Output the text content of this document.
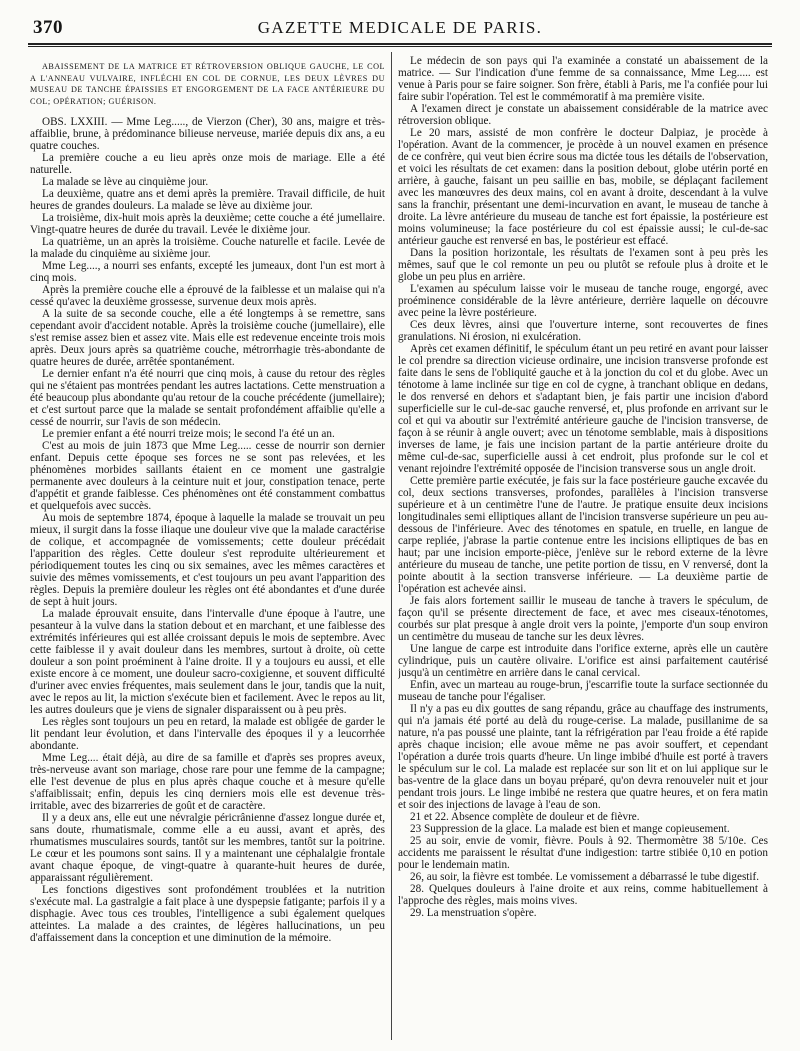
370	GAZETTE MEDICALE DE PARIS.

ABAISSEMENT DE LA MATRICE ET RÉTROVERSION OBLIQUE GAUCHE, LE COL A L'ANNEAU VULVAIRE, INFLÉCHI EN COL DE CORNUE, LES DEUX LÈVRES DU MUSEAU DE TANCHE ÉPAISSIES ET ENGORGEMENT DE LA FACE ANTÉRIEURE DU COL; OPÉRATION; GUÉRISON.

OBS. LXXIII. — Mme Leg....., de Vierzon (Cher), 30 ans, maigre et très-affaiblie, brune, à prédominance bilieuse nerveuse, mariée depuis dix ans, a eu quatre couches.

La première couche a eu lieu après onze mois de mariage. Elle a été naturelle.

La malade se lève au cinquième jour.

La deuxième, quatre ans et demi après la première. Travail difficile, de huit heures de grandes douleurs. La malade se lève au dixième jour.

La troisième, dix-huit mois après la deuxième; cette couche a été jumellaire. Vingt-quatre heures de durée du travail. Levée le dixième jour.

La quatrième, un an après la troisième. Couche naturelle et facile. Levée de la malade du cinquième au sixième jour.

Mme Leg...., a nourri ses enfants, excepté les jumeaux, dont l'un est mort à cinq mois.

Après la première couche elle a éprouvé de la faiblesse et un malaise qui n'a cessé qu'avec la deuxième grossesse, survenue deux mois après.

A la suite de sa seconde couche, elle a été longtemps à se remettre, sans cependant avoir d'accident notable. Après la troisième couche (jumellaire), elle s'est remise assez bien et assez vite. Mais elle est redevenue enceinte trois mois après. Deux jours après sa quatrième couche, métrorrhagie très-abondante de quatre heures de durée, arrêtée spontanément.

Le dernier enfant n'a été nourri que cinq mois, à cause du retour des règles qui ne s'étaient pas montrées pendant les autres lactations. Cette menstruation a été beaucoup plus abondante qu'au retour de la couche précédente (jumellaire); et c'est surtout parce que la malade se sentait profondément affaiblie qu'elle a cessé de nourrir, sur l'avis de son médecin.

Le premier enfant a été nourri treize mois; le second l'a été un an.

C'est au mois de juin 1873 que Mme Leg..... cesse de nourrir son dernier enfant. Depuis cette époque ses forces ne se sont pas relevées, et les phénomènes morbides saillants étaient en ce moment une gastralgie permanente avec douleurs à la ceinture nuit et jour, constipation tenace, perte d'appétit et grande faiblesse. Ces phénomènes ont été constamment combattus et quelquefois avec succès.

Au mois de septembre 1874, époque à laquelle la malade se trouvait un peu mieux, il surgit dans la fosse iliaque une douleur vive que la malade caractérise de colique, et accompagnée de vomissements; cette douleur précédait l'apparition des règles. Cette douleur s'est reproduite ultérieurement et périodiquement toutes les cinq ou six semaines, avec les mêmes caractères et suivie des mêmes vomissements, et c'est toujours un peu avant l'apparition des règles. Depuis la première douleur les règles ont été abondantes et d'une durée de sept à huit jours.

La malade éprouvait ensuite, dans l'intervalle d'une époque à l'autre, une pesanteur à la vulve dans la station debout et en marchant, et une faiblesse des extrémités inférieures qui est allée croissant depuis le mois de septembre. Avec cette faiblesse il y avait douleur dans les membres, surtout à droite, où cette douleur a son point proéminent à l'aine droite. Il y a toujours eu aussi, et elle existe encore à ce moment, une douleur sacro-coxigienne, et souvent difficulté d'uriner avec envies fréquentes, mais seulement dans le jour, tandis que la nuit, avec le repos au lit, la miction s'exécute bien et facilement. Avec le repos au lit, les autres douleurs que je viens de signaler disparaissent ou à peu près.

Les règles sont toujours un peu en retard, la malade est obligée de garder le lit pendant leur évolution, et dans l'intervalle des époques il y a leucorrhée abondante.

Mme Leg.... était déjà, au dire de sa famille et d'après ses propres aveux, très-nerveuse avant son mariage, chose rare pour une femme de la campagne; elle l'est devenue de plus en plus après chaque couche et à mesure qu'elle s'affaiblissait; enfin, depuis les cinq derniers mois elle est devenue très-irritable, avec des bizarreries de goût et de caractère.

Il y a deux ans, elle eut une névralgie péricrânienne d'assez longue durée et, sans doute, rhumatismale, comme elle a eu aussi, avant et après, des rhumatismes musculaires sourds, tantôt sur les membres, tantôt sur la poitrine. Le cœur et les poumons sont sains. Il y a maintenant une céphalalgie frontale avant chaque époque, de vingt-quatre à quarante-huit heures de durée, apparaissant régulièrement.

Les fonctions digestives sont profondément troublées et la nutrition s'exécute mal. La gastralgie a fait place à une dyspepsie fatigante; parfois il y a disphagie. Avec tous ces troubles, l'intelligence a subi également quelques atteintes. La malade a des craintes, de légères hallucinations, un peu d'affaissement dans la conception et une diminution de la mémoire.

Le médecin de son pays qui l'a examinée a constaté un abaissement de la matrice. — Sur l'indication d'une femme de sa connaissance, Mme Leg..... est venue à Paris pour se faire soigner. Son frère, établi à Paris, me l'a confiée pour lui faire subir l'opération. Tel est le commémoratif à ma première visite.

A l'examen direct je constate un abaissement considérable de la matrice avec rétroversion oblique.

Le 20 mars, assisté de mon confrère le docteur Dalpiaz, je procède à l'opération. Avant de la commencer, je procède à un nouvel examen en présence de ce confrère, qui veut bien écrire sous ma dictée tous les détails de l'observation, et voici les résultats de cet examen: dans la position debout, globe utérin porté en arrière, à gauche, faisant un peu saillie en bas, mobile, se déplaçant facilement avec les manœuvres des deux mains, col en avant à droite, descendant à la vulve sans la franchir, présentant une demi-incurvation en avant, le museau de tanche à droite. La lèvre antérieure du museau de tanche est fort épaissie, la postérieure est moins volumineuse; la face postérieure du col est épaissie aussi; le cul-de-sac antérieur gauche est renversé en bas, le postérieur est effacé.

Dans la position horizontale, les résultats de l'examen sont à peu près les mêmes, sauf que le col remonte un peu ou plutôt se refoule plus à droite et le globe un peu plus en arrière.

L'examen au spéculum laisse voir le museau de tanche rouge, engorgé, avec proéminence considérable de la lèvre antérieure, derrière laquelle on découvre avec peine la lèvre postérieure.

Ces deux lèvres, ainsi que l'ouverture interne, sont recouvertes de fines granulations. Ni érosion, ni exulcération.

Après cet examen définitif, le spéculum étant un peu retiré en avant pour laisser le col prendre sa direction vicieuse ordinaire, une incision transverse profonde est faite dans le sens de l'obliquité gauche et à la jonction du col et du globe. Avec un ténotome à lame inclinée sur tige en col de cygne, à tranchant oblique en dedans, le dos renversé en dehors et s'adaptant bien, je fais partir une incision d'abord superficielle sur le cul-de-sac gauche renversé, et, plus profonde en arrivant sur le col et qui va aboutir sur l'extrémité antérieure gauche de l'incision transverse, de façon à se réunir à angle ouvert; avec un ténotome semblable, mais à dispositions inverses de lame, je fais une incision partant de la partie antérieure droite du même cul-de-sac, superficielle aussi à cet endroit, plus profonde sur le col et venant rejoindre l'extrémité opposée de l'incision transverse sous un angle droit.

Cette première partie exécutée, je fais sur la face postérieure gauche excavée du col, deux sections transverses, profondes, parallèles à l'incision transverse supérieure et à un centimètre l'une de l'autre. Je pratique ensuite deux incisions longitudinales semi elliptiques allant de l'incision transverse supérieure un peu au-dessous de l'inférieure. Avec des ténotomes en spatule, en truelle, en langue de carpe repliée, j'abrase la partie contenue entre les incisions elliptiques de bas en haut; par une incision emporte-pièce, j'enlève sur le rebord externe de la lèvre antérieure du museau de tanche, une petite portion de tissu, en V renversé, dont la pointe aboutit à la section transverse inférieure. — La deuxième partie de l'opération est achevée ainsi.

Je fais alors fortement saillir le museau de tanche à travers le spéculum, de façon qu'il se présente directement de face, et avec mes ciseaux-ténotomes, courbés sur plat presque à angle droit vers la pointe, j'emporte d'un soup environ un centimètre du museau de tanche sur les deux lèvres.

Une langue de carpe est introduite dans l'orifice externe, après elle un cautère cylindrique, puis un cautère olivaire. L'orifice est ainsi parfaitement cautérisé jusqu'à un centimètre en arrière dans le canal cervical.

Enfin, avec un marteau au rouge-brun, j'escarrifie toute la surface sectionnée du museau de tanche pour l'égaliser.

Il n'y a pas eu dix gouttes de sang répandu, grâce au chauffage des instruments, qui n'a jamais été porté au delà du rouge-cerise. La malade, pusillanime de sa nature, n'a pas poussé une plainte, tant la réfrigération par l'eau froide a été rapide après chaque incision; elle avoue même ne pas avoir souffert, et cependant l'opération a durée trois quarts d'heure. Un linge imbibé d'huile est porté à travers le spéculum sur le col. La malade est replacée sur son lit et on lui applique sur le bas-ventre de la glace dans un boyau préparé, qu'on devra renouveler nuit et jour pendant trois jours. Le linge imbibé ne restera que quatre heures, et on fera matin et soir des injections de lavage à l'eau de son.

21 et 22. Absence complète de douleur et de fièvre.

23 Suppression de la glace. La malade est bien et mange copieusement.

25 au soir, envie de vomir, fièvre. Pouls à 92. Thermomètre 38 5/10e. Ces accidents me paraissent le résultat d'une indigestion: tartre stibiée 0,10 en potion pour le lendemain matin.

26, au soir, la fièvre est tombée. Le vomissement a débarrassé le tube digestif.

28. Quelques douleurs à l'aine droite et aux reins, comme habituellement à l'approche des règles, mais moins vives.

29. La menstruation s'opère.
